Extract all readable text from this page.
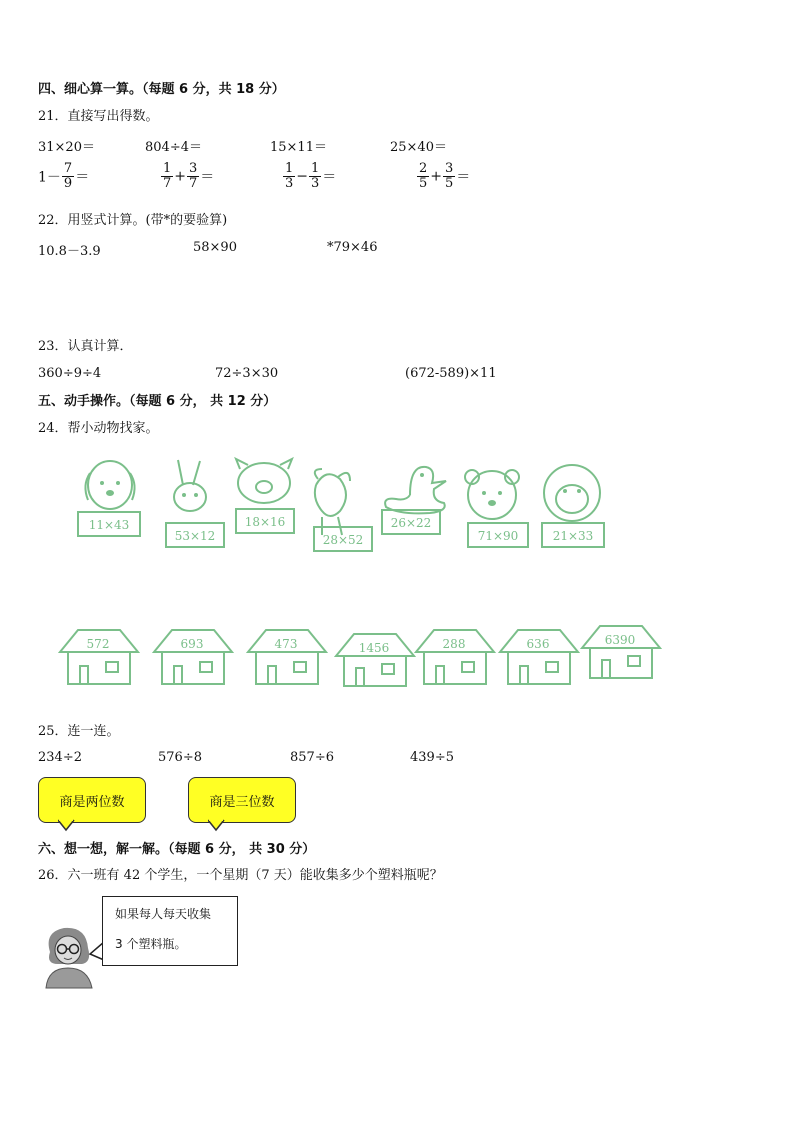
四、细心算一算。（每题 6 分，共 18 分）
21．直接写出得数。
31×20＝	804÷4＝	15×11＝	25×40＝
$1- \frac{7}{9}$ ＝	$\frac{1}{7} + \frac{3}{7}$ ＝	$\frac{1}{3} - \frac{1}{3}$ ＝	$\frac{2}{5} + \frac{3}{5}$ ＝
22．用竖式计算。(带*的要验算)
10.8－3.9	58×90	*79×46
23．认真计算．
360÷9÷4	72÷3×30	(672-589)×11
五、动手操作。（每题 6 分， 共 12 分）
24．帮小动物找家。
11×43
53×12
18×16
28×52
26×22
71×90	21×33
572	693	473	1456	288	636	6390
25．连一连。
234÷2	576÷8	857÷6	439÷5
商是两位数	商是三位数
六、想一想，解一解。（每题 6 分， 共 30 分）
26．六一班有 42 个学生，一个星期（7 天）能收集多少个塑料瓶呢？
如果每人每天收集
3 个塑料瓶。
